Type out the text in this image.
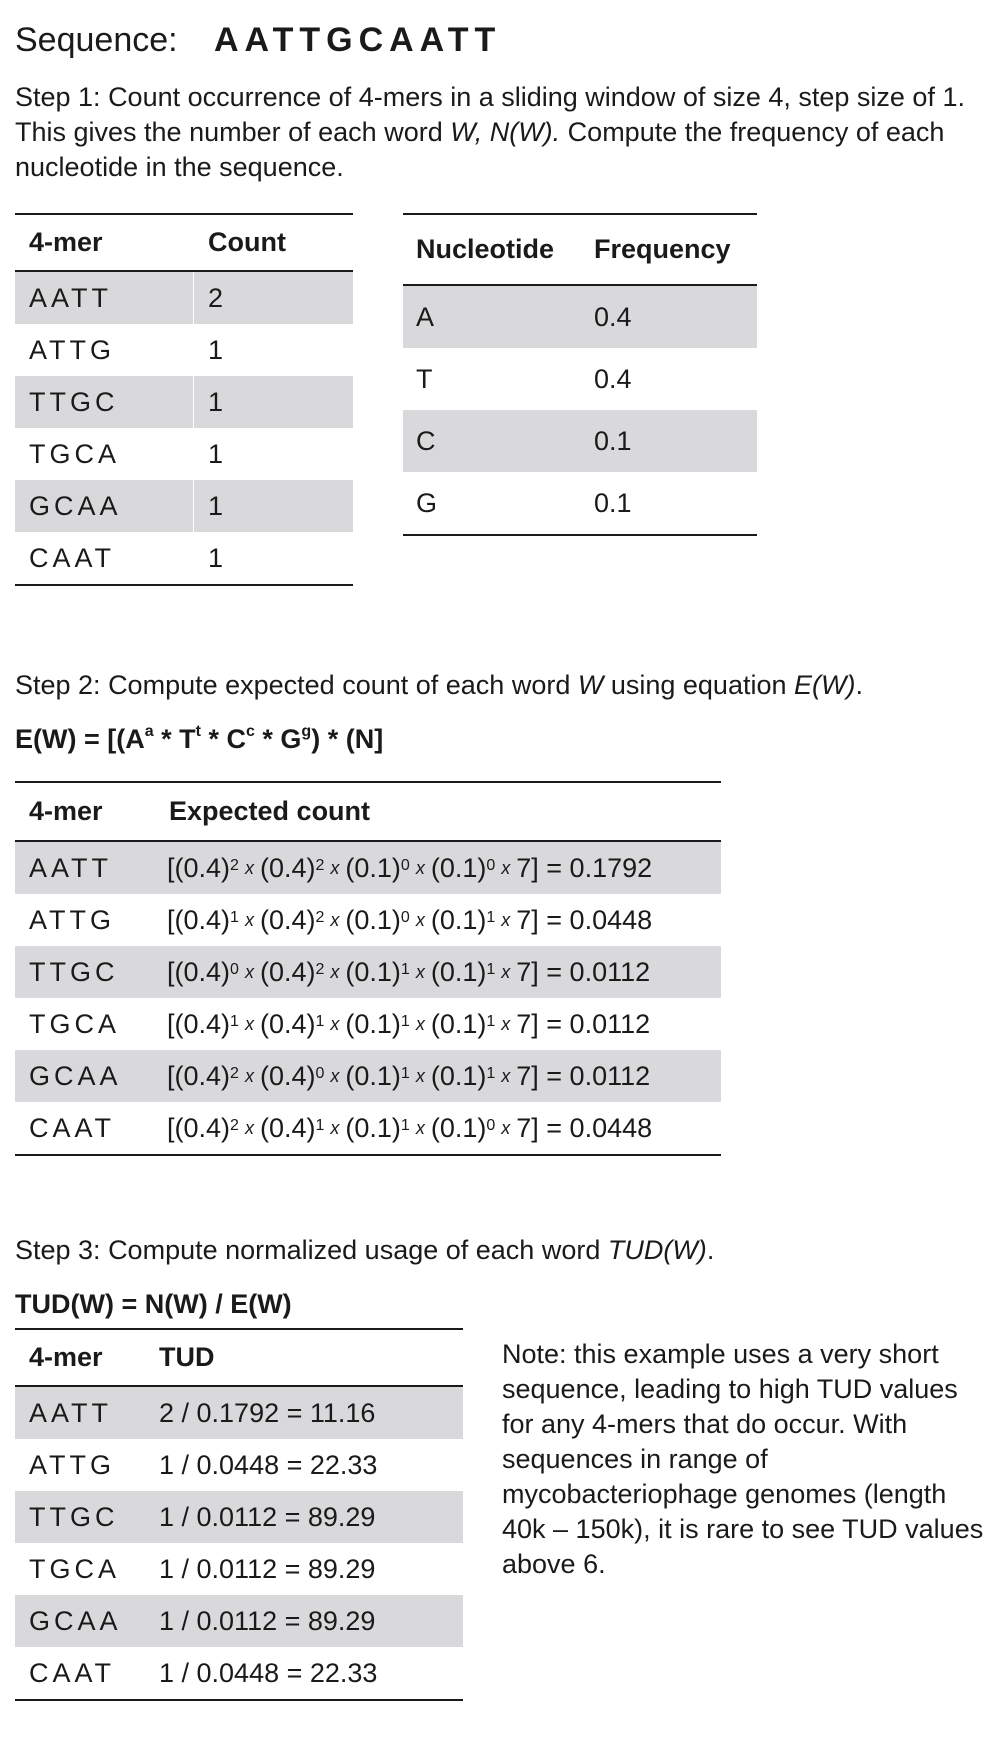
Sequence: AATTGCAATT
Step 1: Count occurrence of 4-mers in a sliding window of size 4, step size of 1. This gives the number of each word W, N(W). Compute the frequency of each nucleotide in the sequence.
4-mer	Count
AATT	2
ATTG	1
TTGC	1
TGCA	1
GCAA	1
CAAT	1
Nucleotide Frequency
A	0.4
T	0.4
C	0.1
G	0.1
Step 2: Compute expected count of each word W using equation E(W).
$E(W) = [(A^a * T^t * C^c * G^g) * (N]$
4-mer Expected count
AATT [ $(0.4)^2$ x $(0.4)^2$ x $(0.1)^0$ x $(0.1)^0$ x 7] = 0.1792
ATTG [ $(0.4)^1$ x $(0.4)^2$ x $(0.1)^0$ x $(0.1)^1$ x 7] = 0.0448
TTGC [ $(0.4)^0$ x $(0.4)^2$ x $(0.1)^1$ x $(0.1)^1$ x 7] = 0.0112
TGCA [ $(0.4)^1$ x $(0.4)^1$ x $(0.1)^1$ x $(0.1)^1$ x 7] = 0.0112
GCAA [ $(0.4)^2$ x $(0.4)^0$ x $(0.1)^1$ x $(0.1)^1$ x 7] = 0.0112
CAAT [ $(0.4)^2$ x $(0.4)^1$ x $(0.1)^1$ x $(0.1)^0$ x 7] = 0.0448
Step 3: Compute normalized usage of each word TUD(W).
TUD(W) = N(W) / E(W)
4-mer TUD
AATT 2 / 0.1792 = 11.16
ATTG 1 / 0.0448 = 22.33
TTGC 1 / 0.0112 = 89.29
TGCA 1 / 0.0112 = 89.29
GCAA 1 / 0.0112 = 89.29
CAAT 1 / 0.0448 = 22.33
Note: this example uses a very short sequence, leading to high TUD values for any 4-mers that do occur. With sequences in range of mycobacteriophage genomes (length 40k – 150k), it is rare to see TUD values above 6.
